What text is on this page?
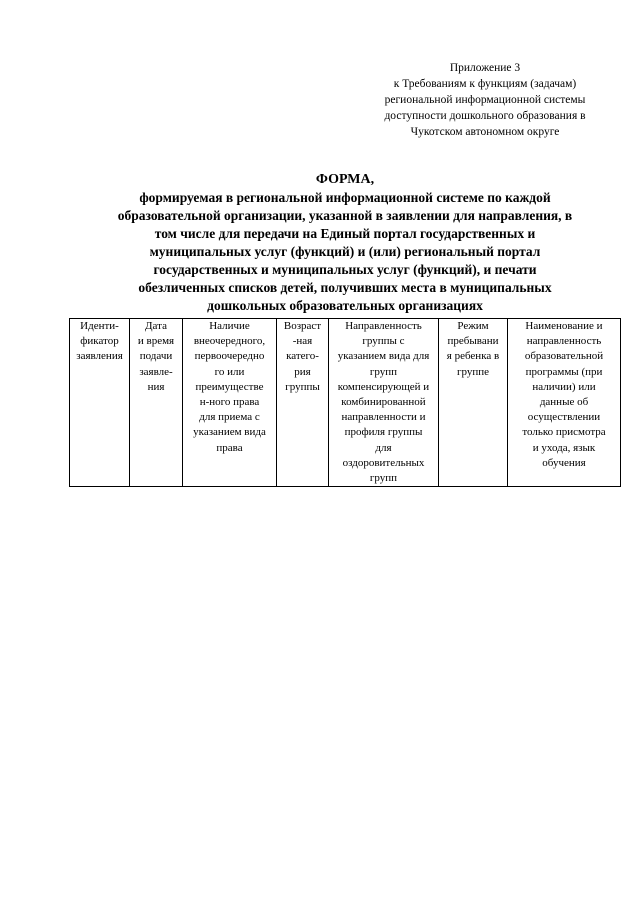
Приложение 3
к Требованиям к функциям (задачам)
региональной информационной системы
доступности дошкольного образования в
Чукотском автономном округе
ФОРМА,
формируемая в региональной информационной системе по каждой
образовательной организации, указанной в заявлении для направления, в
том числе для передачи на Единый портал государственных и
муниципальных услуг (функций) и (или) региональный портал
государственных и муниципальных услуг (функций), и печати
обезличенных списков детей, получивших места в муниципальных
дошкольных образовательных организациях
Иденти-
фикатор
заявления

Дата
и время
подачи
заявле-
ния

Наличие
внеочередного,
первоочередно
го или
преимуществе
н-ного права
для приема с
указанием вида
права

Возраст
-ная
катего-
рия
группы

Направленность
группы с
указанием вида для
групп
компенсирующей и
комбинированной
направленности и
профиля группы
для
оздоровительных
групп

Режим
пребывани
я ребенка в
группе

Наименование и
направленность
образовательной
программы (при
наличии) или
данные об
осуществлении
только присмотра
и ухода, язык
обучения
